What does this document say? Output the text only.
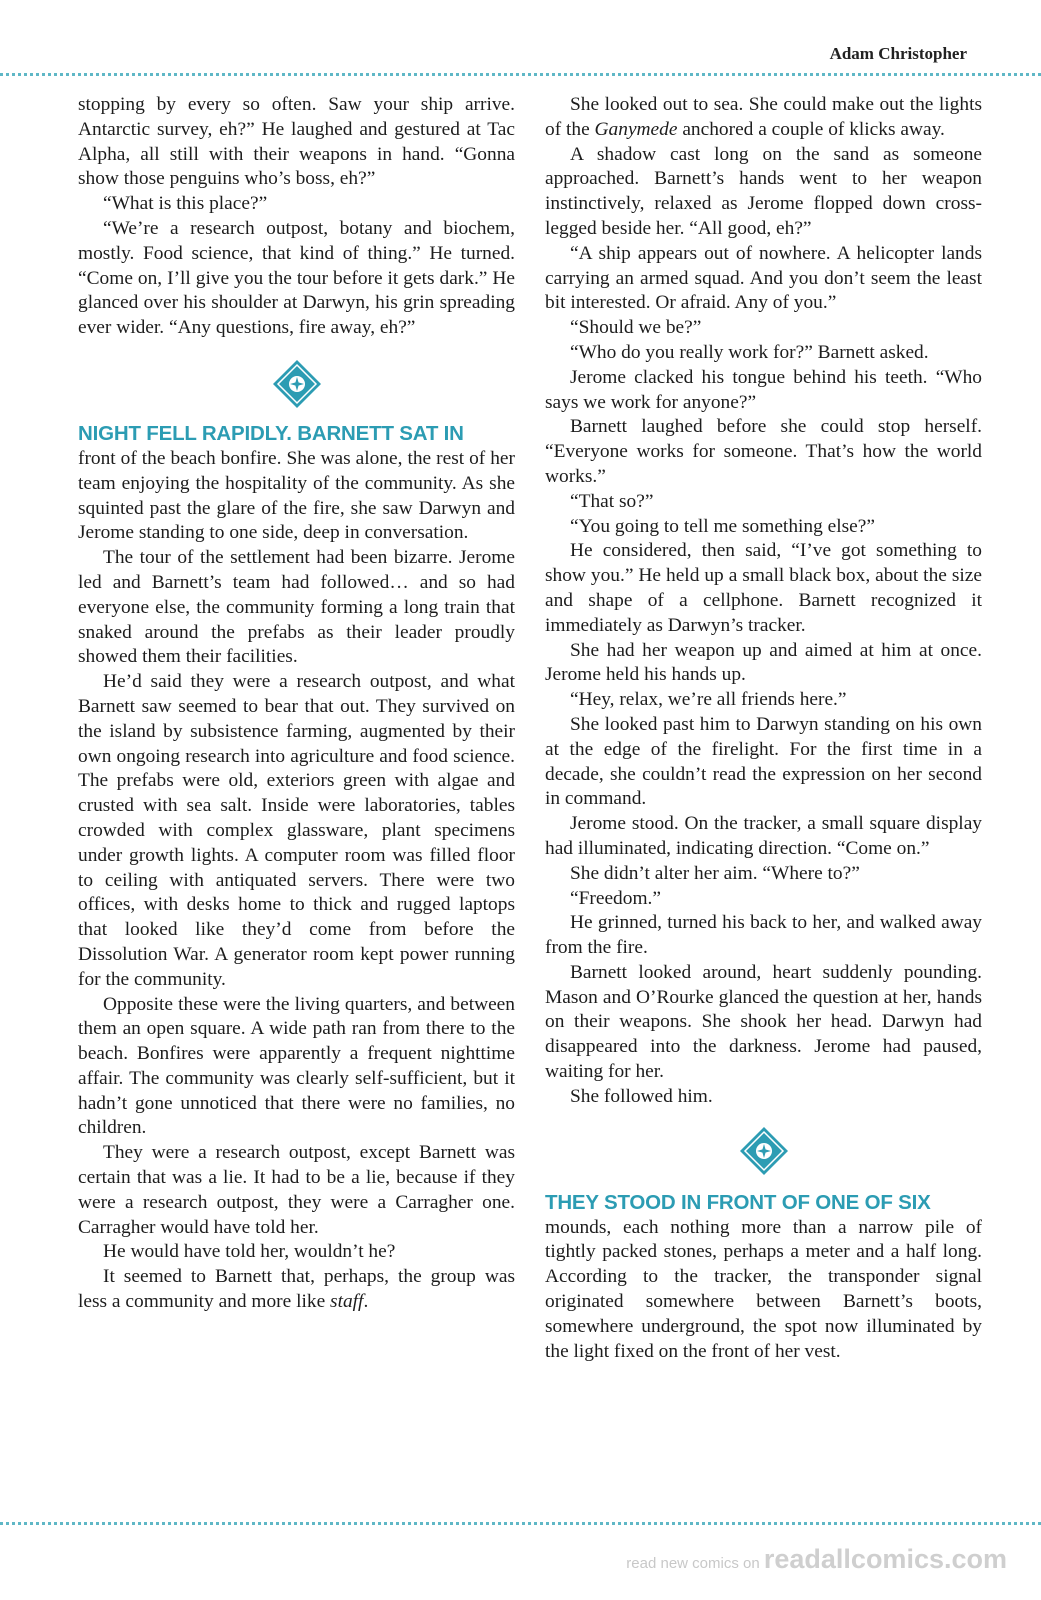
Adam Christopher

stopping by every so often. Saw your ship arrive. Antarctic survey, eh?” He laughed and gestured at Tac Alpha, all still with their weapons in hand. “Gonna show those penguins who’s boss, eh?”

“What is this place?”

“We’re a research outpost, botany and biochem, mostly. Food science, that kind of thing.” He turned. “Come on, I’ll give you the tour before it gets dark.” He glanced over his shoulder at Darwyn, his grin spreading ever wider. “Any questions, fire away, eh?”

NIGHT FELL RAPIDLY. BARNETT SAT IN

front of the beach bonfire. She was alone, the rest of her team enjoying the hospitality of the community. As she squinted past the glare of the fire, she saw Darwyn and Jerome standing to one side, deep in conversation.

The tour of the settlement had been bizarre. Jerome led and Barnett’s team had followed… and so had everyone else, the community forming a long train that snaked around the prefabs as their leader proudly showed them their facilities.

He’d said they were a research outpost, and what Barnett saw seemed to bear that out. They survived on the island by subsistence farming, augmented by their own ongoing research into agriculture and food science. The prefabs were old, exteriors green with algae and crusted with sea salt. Inside were laboratories, tables crowded with complex glassware, plant specimens under growth lights. A computer room was filled floor to ceiling with antiquated servers. There were two offices, with desks home to thick and rugged laptops that looked like they’d come from before the Dissolution War. A generator room kept power running for the community.

Opposite these were the living quarters, and between them an open square. A wide path ran from there to the beach. Bonfires were apparently a frequent nighttime affair. The community was clearly self-sufficient, but it hadn’t gone unnoticed that there were no families, no children.

They were a research outpost, except Barnett was certain that was a lie. It had to be a lie, because if they were a research outpost, they were a Carragher one. Carragher would have told her.

He would have told her, wouldn’t he?

It seemed to Barnett that, perhaps, the group was less a community and more like staff.

She looked out to sea. She could make out the lights of the Ganymede anchored a couple of klicks away.

A shadow cast long on the sand as someone approached. Barnett’s hands went to her weapon instinctively, relaxed as Jerome flopped down cross-legged beside her. “All good, eh?”

“A ship appears out of nowhere. A helicopter lands carrying an armed squad. And you don’t seem the least bit interested. Or afraid. Any of you.”

“Should we be?”

“Who do you really work for?” Barnett asked.

Jerome clacked his tongue behind his teeth. “Who says we work for anyone?”

Barnett laughed before she could stop herself. “Everyone works for someone. That’s how the world works.”

“That so?”

“You going to tell me something else?”

He considered, then said, “I’ve got something to show you.” He held up a small black box, about the size and shape of a cellphone. Barnett recognized it immediately as Darwyn’s tracker.

She had her weapon up and aimed at him at once. Jerome held his hands up.

“Hey, relax, we’re all friends here.”

She looked past him to Darwyn standing on his own at the edge of the firelight. For the first time in a decade, she couldn’t read the expression on her second in command.

Jerome stood. On the tracker, a small square display had illuminated, indicating direction. “Come on.”

She didn’t alter her aim. “Where to?”

“Freedom.”

He grinned, turned his back to her, and walked away from the fire.

Barnett looked around, heart suddenly pounding. Mason and O’Rourke glanced the question at her, hands on their weapons. She shook her head. Darwyn had disappeared into the darkness. Jerome had paused, waiting for her.

She followed him.

THEY STOOD IN FRONT OF ONE OF SIX

mounds, each nothing more than a narrow pile of tightly packed stones, perhaps a meter and a half long. According to the tracker, the transponder signal originated somewhere between Barnett’s boots, somewhere underground, the spot now illuminated by the light fixed on the front of her vest.

read new comics on readallcomics.com
